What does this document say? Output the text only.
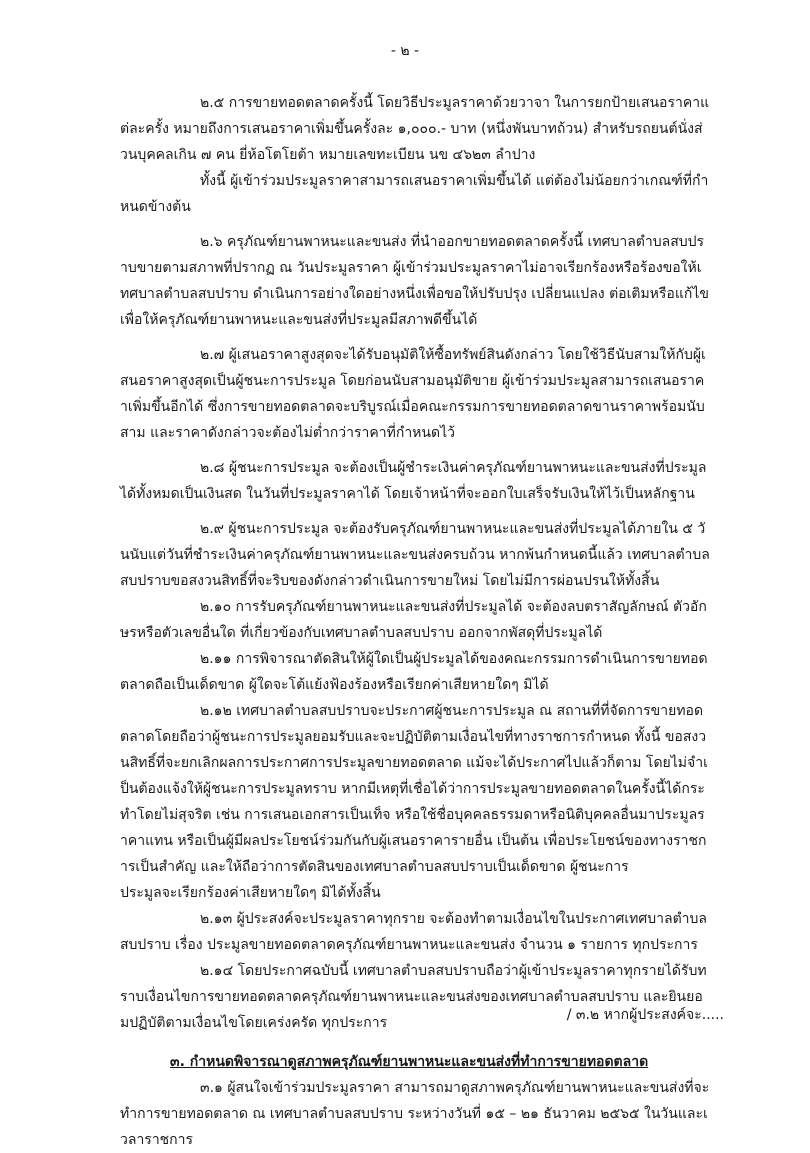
- ๒ -

๒.๕ การขายทอดตลาดครั้งนี้ โดยวิธีประมูลราคาด้วยวาจา ในการยกป้ายเสนอราคาแต่ละครั้ง หมายถึงการเสนอราคาเพิ่มขึ้นครั้งละ ๑,๐๐๐.- บาท (หนึ่งพันบาทถ้วน) สำหรับรถยนต์นั่งส่วนบุคคลเกิน ๗ คน ยี่ห้อโตโยต้า หมายเลขทะเบียน นข ๔๖๒๓ ลำปาง

ทั้งนี้ ผู้เข้าร่วมประมูลราคาสามารถเสนอราคาเพิ่มขึ้นได้ แต่ต้องไม่น้อยกว่าเกณฑ์ที่กำหนดข้างต้น

๒.๖ ครุภัณฑ์ยานพาหนะและขนส่ง ที่นำออกขายทอดตลาดครั้งนี้ เทศบาลตำบลสบปราบขายตามสภาพที่ปรากฏ ณ วันประมูลราคา ผู้เข้าร่วมประมูลราคาไม่อาจเรียกร้องหรือร้องขอให้เทศบาลตำบลสบปราบ ดำเนินการอย่างใดอย่างหนึ่งเพื่อขอให้ปรับปรุง เปลี่ยนแปลง ต่อเติมหรือแก้ไข เพื่อให้ครุภัณฑ์ยานพาหนะและขนส่งที่ประมูลมีสภาพดีขึ้นได้

๒.๗ ผู้เสนอราคาสูงสุดจะได้รับอนุมัติให้ซื้อทรัพย์สินดังกล่าว โดยใช้วิธีนับสามให้กับผู้เสนอราคาสูงสุดเป็นผู้ชนะการประมูล โดยก่อนนับสามอนุมัติขาย ผู้เข้าร่วมประมูลสามารถเสนอราคาเพิ่มขึ้นอีกได้ ซึ่งการขายทอดตลาดจะบริบูรณ์เมื่อคณะกรรมการขายทอดตลาดขานราคาพร้อมนับสาม และราคาดังกล่าวจะต้องไม่ต่ำกว่าราคาที่กำหนดไว้

๒.๘ ผู้ชนะการประมูล จะต้องเป็นผู้ชำระเงินค่าครุภัณฑ์ยานพาหนะและขนส่งที่ประมูลได้ทั้งหมดเป็นเงินสด ในวันที่ประมูลราคาได้ โดยเจ้าหน้าที่จะออกใบเสร็จรับเงินให้ไว้เป็นหลักฐาน

๒.๙ ผู้ชนะการประมูล จะต้องรับครุภัณฑ์ยานพาหนะและขนส่งที่ประมูลได้ภายใน ๕ วันนับแต่วันที่ชำระเงินค่าครุภัณฑ์ยานพาหนะและขนส่งครบถ้วน หากพ้นกำหนดนี้แล้ว เทศบาลตำบลสบปราบขอสงวนสิทธิ์ที่จะริบของดังกล่าวดำเนินการขายใหม่ โดยไม่มีการผ่อนปรนให้ทั้งสิ้น

๒.๑๐ การรับครุภัณฑ์ยานพาหนะและขนส่งที่ประมูลได้ จะต้องลบตราสัญลักษณ์ ตัวอักษรหรือตัวเลขอื่นใด ที่เกี่ยวข้องกับเทศบาลตำบลสบปราบ ออกจากพัสดุที่ประมูลได้

๒.๑๑ การพิจารณาตัดสินให้ผู้ใดเป็นผู้ประมูลได้ของคณะกรรมการดำเนินการขายทอดตลาดถือเป็นเด็ดขาด ผู้ใดจะโต้แย้งฟ้องร้องหรือเรียกค่าเสียหายใดๆ มิได้

๒.๑๒ เทศบาลตำบลสบปราบจะประกาศผู้ชนะการประมูล ณ สถานที่ที่จัดการขายทอดตลาดโดยถือว่าผู้ชนะการประมูลยอมรับและจะปฏิบัติตามเงื่อนไขที่ทางราชการกำหนด ทั้งนี้ ขอสงวนสิทธิ์ที่จะยกเลิกผลการประกาศการประมูลขายทอดตลาด แม้จะได้ประกาศไปแล้วก็ตาม โดยไม่จำเป็นต้องแจ้งให้ผู้ชนะการประมูลทราบ หากมีเหตุที่เชื่อได้ว่าการประมูลขายทอดตลาดในครั้งนี้ได้กระทำโดยไม่สุจริต เช่น การเสนอเอกสารเป็นเท็จ หรือใช้ชื่อบุคคลธรรมดาหรือนิติบุคคลอื่นมาประมูลราคาแทน หรือเป็นผู้มีผลประโยชน์ร่วมกันกับผู้เสนอราคารายอื่น เป็นต้น เพื่อประโยชน์ของทางราชการเป็นสำคัญ และให้ถือว่าการตัดสินของเทศบาลตำบลสบปราบเป็นเด็ดขาด ผู้ชนะการ

ประมูลจะเรียกร้องค่าเสียหายใดๆ มิได้ทั้งสิ้น

๒.๑๓ ผู้ประสงค์จะประมูลราคาทุกราย จะต้องทำตามเงื่อนไขในประกาศเทศบาลตำบลสบปราบ เรื่อง ประมูลขายทอดตลาดครุภัณฑ์ยานพาหนะและขนส่ง จำนวน ๑ รายการ ทุกประการ

๒.๑๔ โดยประกาศฉบับนี้ เทศบาลตำบลสบปราบถือว่าผู้เข้าประมูลราคาทุกรายได้รับทราบเงื่อนไขการขายทอดตลาดครุภัณฑ์ยานพาหนะและขนส่งของเทศบาลตำบลสบปราบ และยินยอมปฏิบัติตามเงื่อนไขโดยเคร่งครัด ทุกประการ

๓. กำหนดพิจารณาดูสภาพครุภัณฑ์ยานพาหนะและขนส่งที่ทำการขายทอดตลาด

๓.๑ ผู้สนใจเข้าร่วมประมูลราคา สามารถมาดูสภาพครุภัณฑ์ยานพาหนะและขนส่งที่จะทำการขายทอดตลาด ณ เทศบาลตำบลสบปราบ ระหว่างวันที่ ๑๕ – ๒๑ ธันวาคม ๒๕๖๕ ในวันและเวลาราชการ

/ ๓.๒ หากผู้ประสงค์จะ.....
